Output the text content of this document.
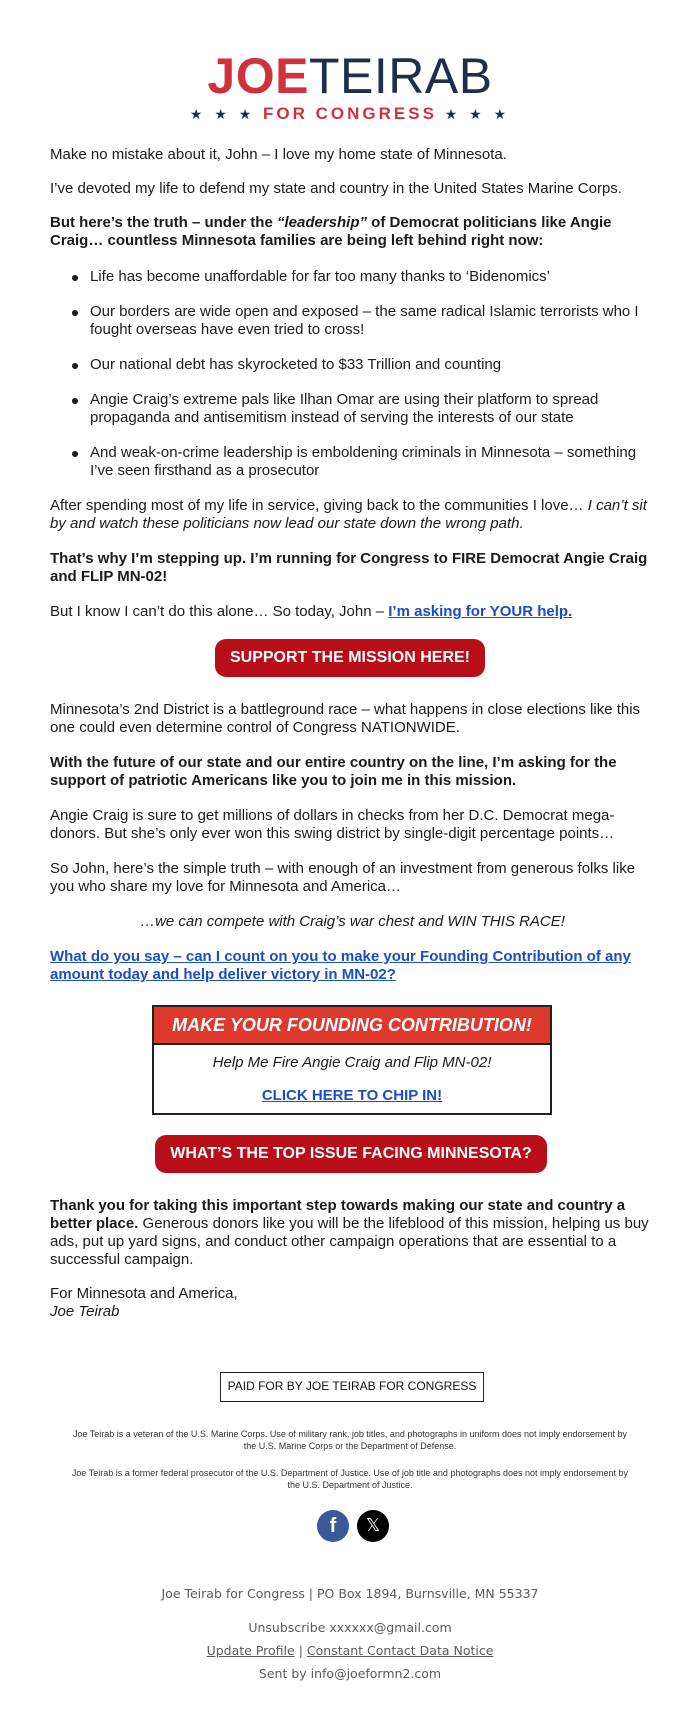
JOETEIRAB
★ ★ ★ FOR CONGRESS ★ ★ ★

Make no mistake about it, John – I love my home state of Minnesota.

I’ve devoted my life to defend my state and country in the United States Marine Corps.

But here’s the truth – under the “leadership” of Democrat politicians like Angie Craig… countless Minnesota families are being left behind right now:

Life has become unaffordable for far too many thanks to ‘Bidenomics’
Our borders are wide open and exposed – the same radical Islamic terrorists who I fought overseas have even tried to cross!
Our national debt has skyrocketed to $33 Trillion and counting
Angie Craig’s extreme pals like Ilhan Omar are using their platform to spread propaganda and antisemitism instead of serving the interests of our state
And weak-on-crime leadership is emboldening criminals in Minnesota – something I’ve seen firsthand as a prosecutor

After spending most of my life in service, giving back to the communities I love… I can’t sit by and watch these politicians now lead our state down the wrong path.

That’s why I’m stepping up. I’m running for Congress to FIRE Democrat Angie Craig and FLIP MN-02!

But I know I can’t do this alone… So today, John – I’m asking for YOUR help.

SUPPORT THE MISSION HERE!

Minnesota’s 2nd District is a battleground race – what happens in close elections like this one could even determine control of Congress NATIONWIDE.

With the future of our state and our entire country on the line, I’m asking for the support of patriotic Americans like you to join me in this mission.

Angie Craig is sure to get millions of dollars in checks from her D.C. Democrat mega-donors. But she’s only ever won this swing district by single-digit percentage points…

So John, here’s the simple truth – with enough of an investment from generous folks like you who share my love for Minnesota and America…

…we can compete with Craig’s war chest and WIN THIS RACE!

What do you say – can I count on you to make your Founding Contribution of any amount today and help deliver victory in MN-02?

MAKE YOUR FOUNDING CONTRIBUTION!
Help Me Fire Angie Craig and Flip MN-02!
CLICK HERE TO CHIP IN!
WHAT’S THE TOP ISSUE FACING MINNESOTA?

Thank you for taking this important step towards making our state and country a better place. Generous donors like you will be the lifeblood of this mission, helping us buy ads, put up yard signs, and conduct other campaign operations that are essential to a successful campaign.

For Minnesota and America,

Joe Teirab

PAID FOR BY JOE TEIRAB FOR CONGRESS
Joe Teirab is a veteran of the U.S. Marine Corps. Use of military rank, job titles, and photographs in uniform does not imply endorsement by the U.S. Marine Corps or the Department of Defense.
Joe Teirab is a former federal prosecutor of the U.S. Department of Justice. Use of job title and photographs does not imply endorsement by the U.S. Department of Justice.
f	𝕏
Joe Teirab for Congress | PO Box 1894, Burnsville, MN 55337
Unsubscribe xxxxxx@gmail.com
Update Profile | Constant Contact Data Notice
Sent by info@joeformn2.com
